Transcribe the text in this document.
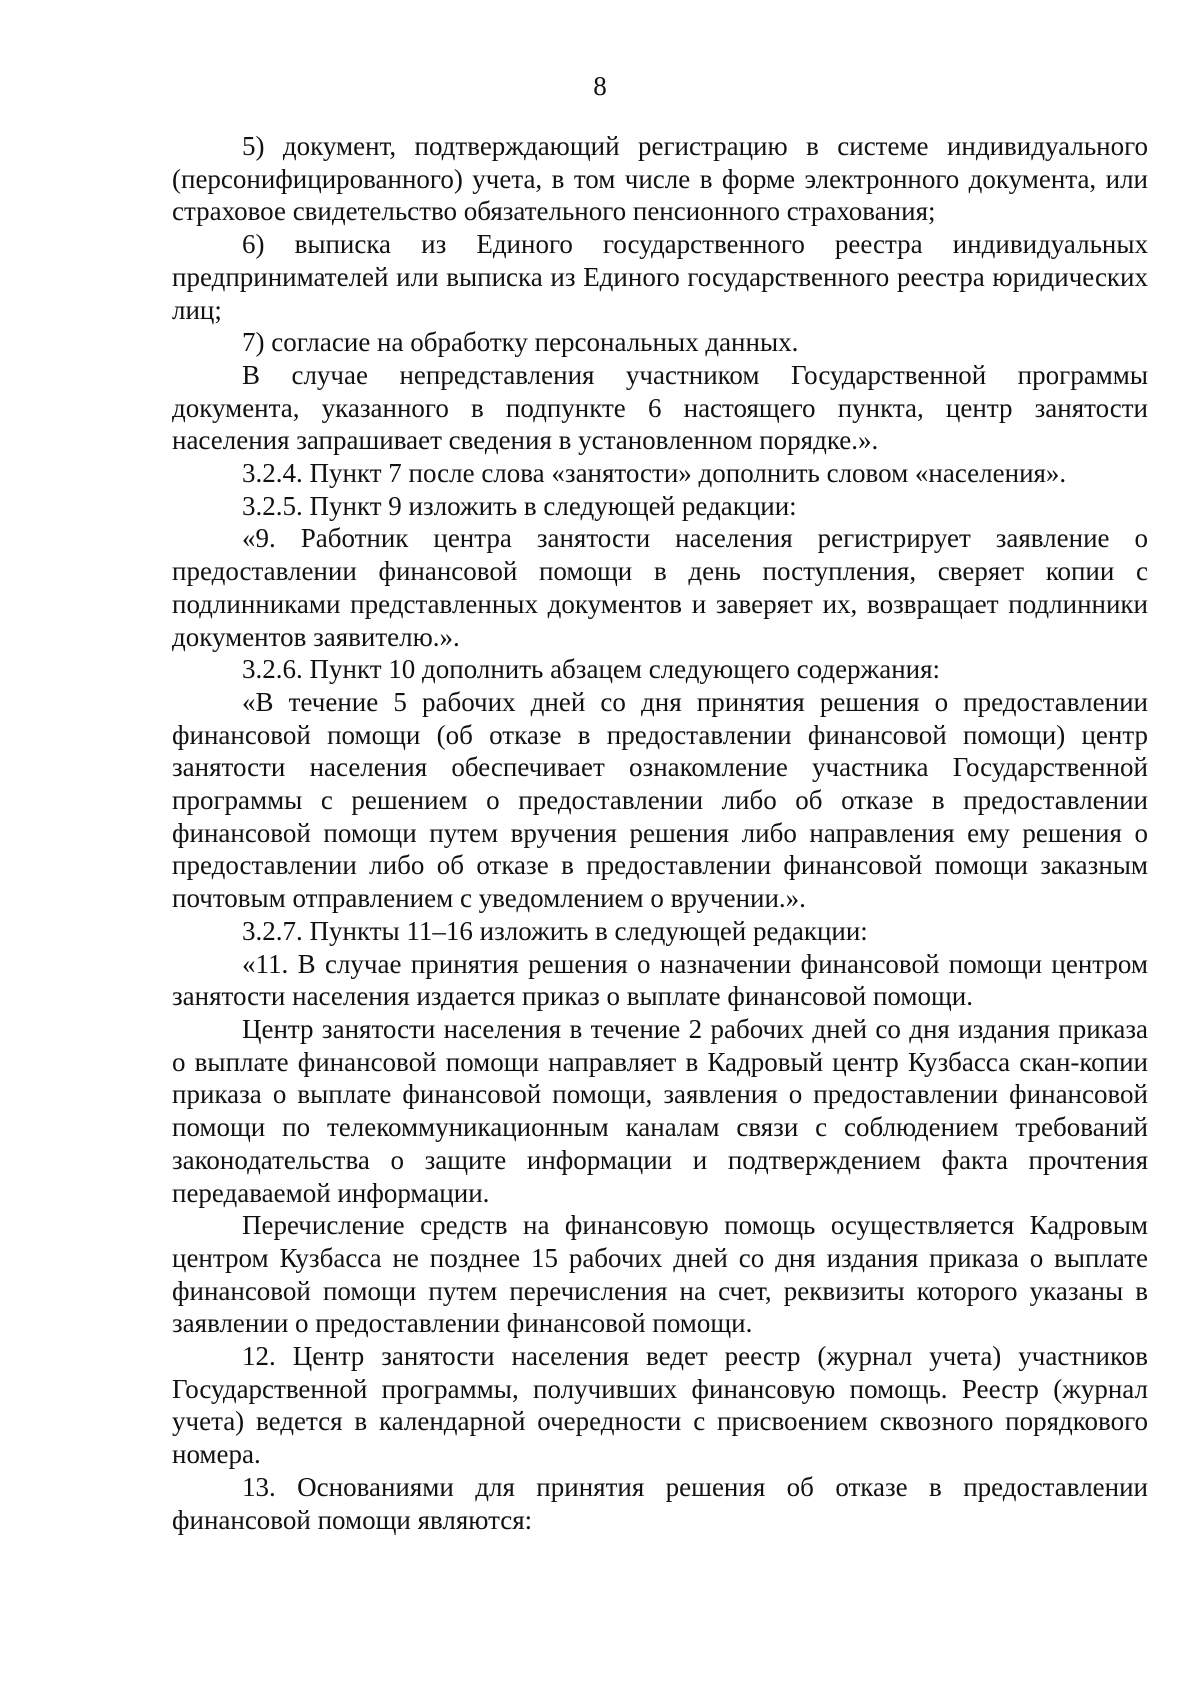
8

5) документ, подтверждающий регистрацию в системе индивидуального (персонифицированного) учета, в том числе в форме электронного документа, или страховое свидетельство обязательного пенсионного страхования;

6) выписка из Единого государственного реестра индивидуальных предпринимателей или выписка из Единого государственного реестра юридических лиц;

7) согласие на обработку персональных данных.

В случае непредставления участником Государственной программы документа, указанного в подпункте 6 настоящего пункта, центр занятости населения запрашивает сведения в установленном порядке.».

3.2.4. Пункт 7 после слова «занятости» дополнить словом «населения».

3.2.5. Пункт 9 изложить в следующей редакции:

«9. Работник центра занятости населения регистрирует заявление о предоставлении финансовой помощи в день поступления, сверяет копии с подлинниками представленных документов и заверяет их, возвращает подлинники документов заявителю.».

3.2.6. Пункт 10 дополнить абзацем следующего содержания:

«В течение 5 рабочих дней со дня принятия решения о предоставлении финансовой помощи (об отказе в предоставлении финансовой помощи) центр занятости населения обеспечивает ознакомление участника Государственной программы с решением о предоставлении либо об отказе в предоставлении финансовой помощи путем вручения решения либо направления ему решения о предоставлении либо об отказе в предоставлении финансовой помощи заказным почтовым отправлением с уведомлением о вручении.».

3.2.7. Пункты 11–16 изложить в следующей редакции:

«11. В случае принятия решения о назначении финансовой помощи центром занятости населения издается приказ о выплате финансовой помощи.

Центр занятости населения в течение 2 рабочих дней со дня издания приказа о выплате финансовой помощи направляет в Кадровый центр Кузбасса скан-копии приказа о выплате финансовой помощи, заявления о предоставлении финансовой помощи по телекоммуникационным каналам связи с соблюдением требований законодательства о защите информации и подтверждением факта прочтения передаваемой информации.

Перечисление средств на финансовую помощь осуществляется Кадровым центром Кузбасса не позднее 15 рабочих дней со дня издания приказа о выплате финансовой помощи путем перечисления на счет, реквизиты которого указаны в заявлении о предоставлении финансовой помощи.

12. Центр занятости населения ведет реестр (журнал учета) участников Государственной программы, получивших финансовую помощь. Реестр (журнал учета) ведется в календарной очередности с присвоением сквозного порядкового номера.

13. Основаниями для принятия решения об отказе в предоставлении финансовой помощи являются:
